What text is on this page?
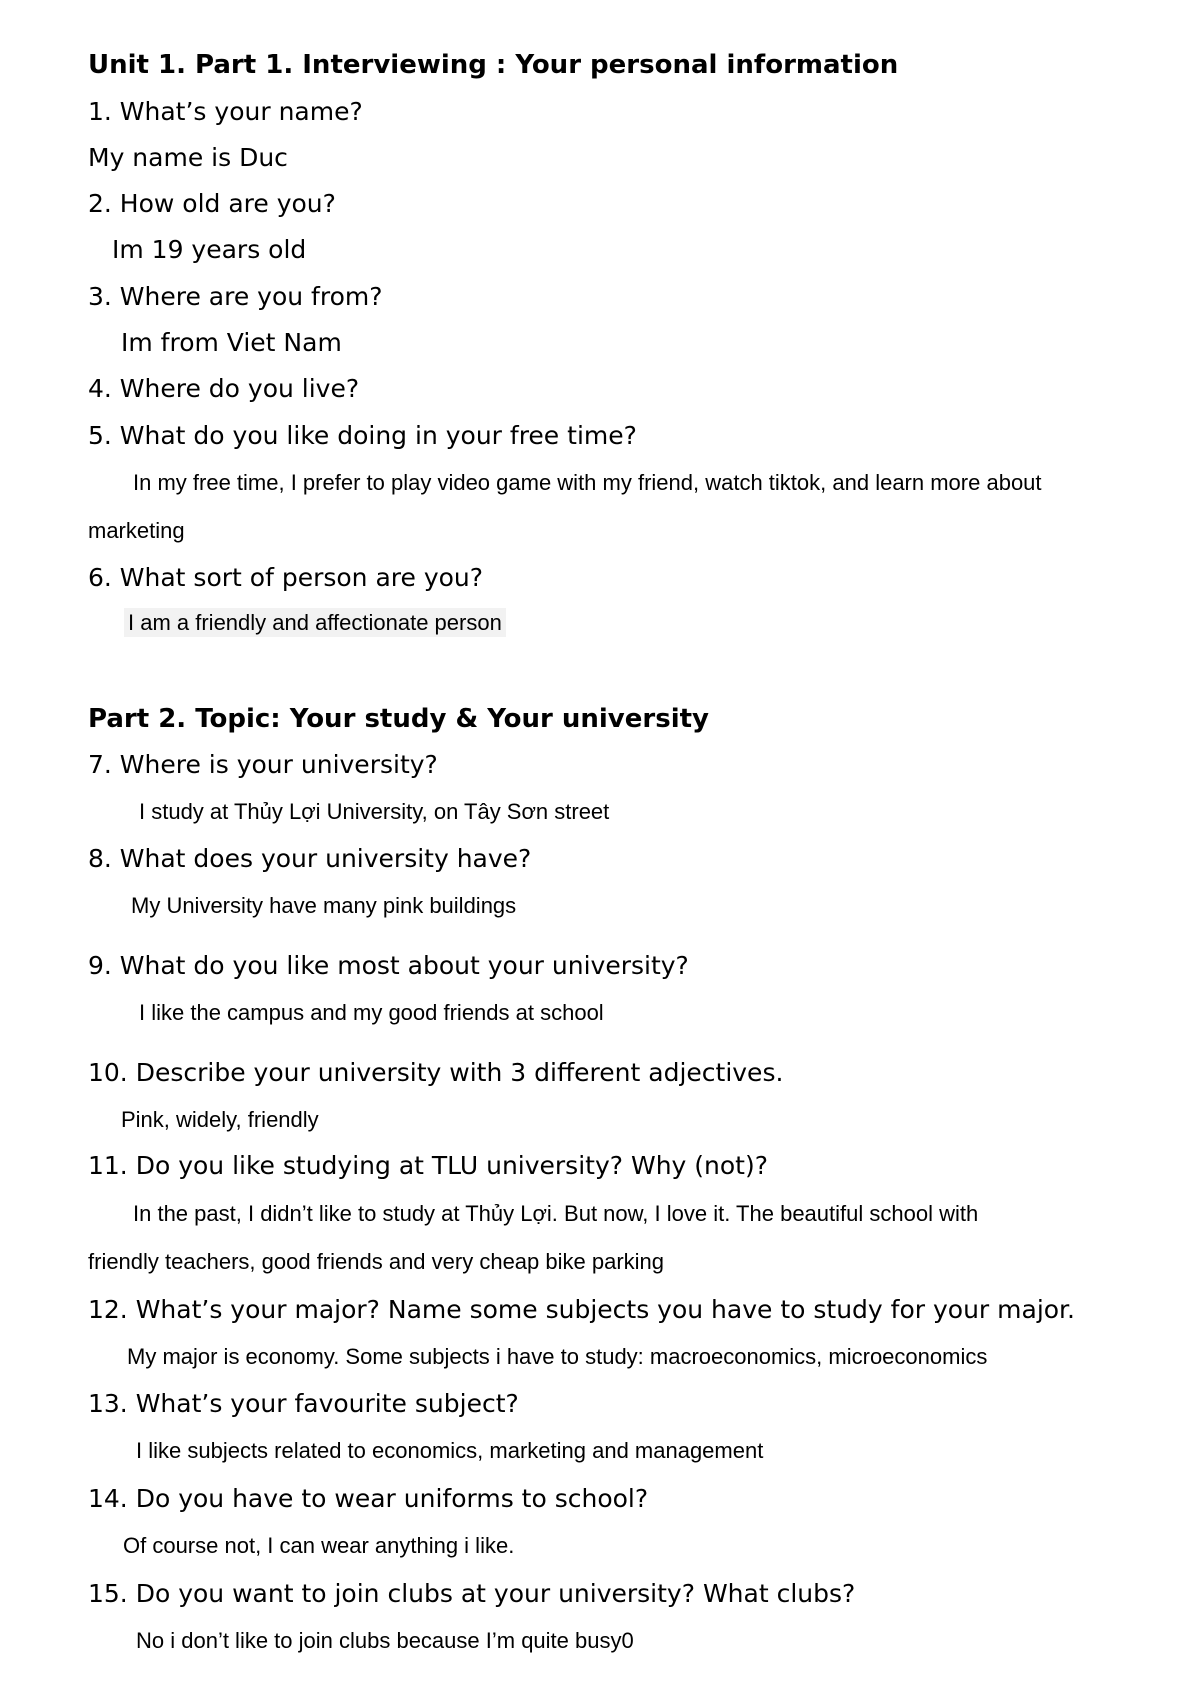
Unit 1. Part 1. Interviewing : Your personal information
1. What’s your name?
My name is Duc
2. How old are you?
Im 19 years old
3. Where are you from?
Im from Viet Nam
4. Where do you live?
5. What do you like doing in your free time?
In my free time, I prefer to play video game with my friend, watch tiktok, and learn more about
marketing
6. What sort of person are you?
I am a friendly and affectionate person
Part 2. Topic: Your study & Your university
7. Where is your university?
I study at Thủy Lợi University, on Tây Sơn street
8. What does your university have?
My University have many pink buildings
9. What do you like most about your university?
I like the campus and my good friends at school
10. Describe your university with 3 different adjectives.
Pink, widely, friendly
11. Do you like studying at TLU university? Why (not)?
In the past, I didn’t like to study at Thủy Lợi. But now, I love it. The beautiful school with
friendly teachers, good friends and very cheap bike parking
12. What’s your major? Name some subjects you have to study for your major.
My major is economy. Some subjects i have to study: macroeconomics, microeconomics
13. What’s your favourite subject?
I like subjects related to economics, marketing and management
14. Do you have to wear uniforms to school?
Of course not, I can wear anything i like.
15. Do you want to join clubs at your university? What clubs?
No i don’t like to join clubs because I’m quite busy0
